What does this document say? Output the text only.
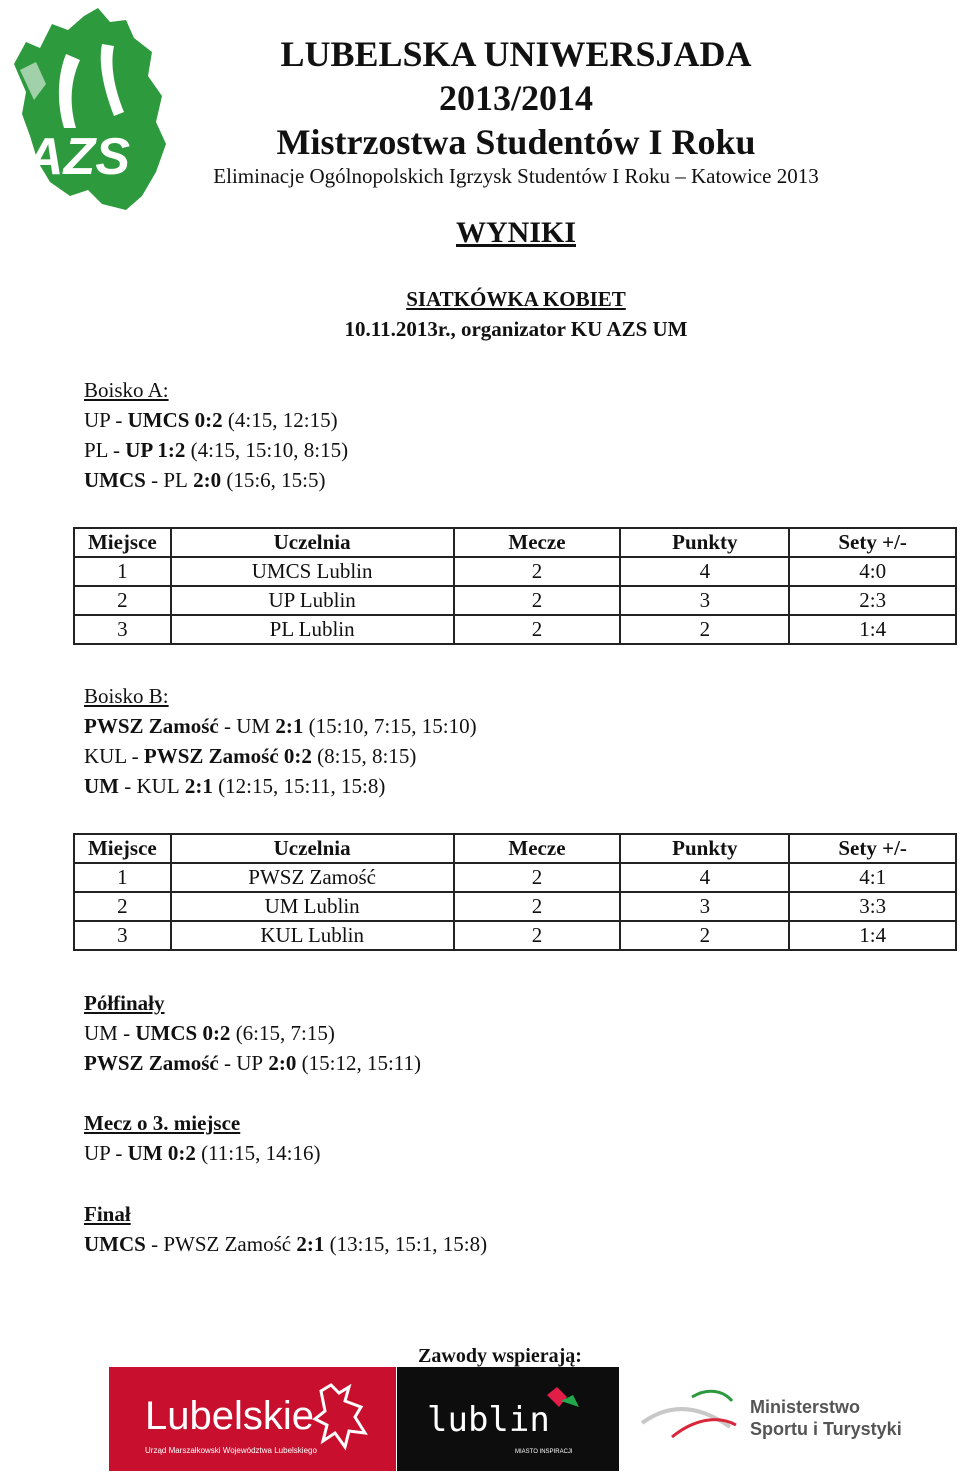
AZS
LUBELSKA UNIWERSJADA
2013/2014
Mistrzostwa Studentów I Roku
Eliminacje Ogólnopolskich Igrzysk Studentów I Roku – Katowice 2013
WYNIKI
SIATKÓWKA KOBIET
10.11.2013r., organizator KU AZS UM
Boisko A:
UP - UMCS 0:2 (4:15, 12:15)
PL - UP 1:2 (4:15, 15:10, 8:15)
UMCS - PL 2:0 (15:6, 15:5)
Miejsce	Uczelnia	Mecze	Punkty	Sety +/-
1	UMCS Lublin	2	4	4:0
2	UP Lublin	2	3	2:3
3	PL Lublin	2	2	1:4
Boisko B:
PWSZ Zamość - UM 2:1 (15:10, 7:15, 15:10)
KUL - PWSZ Zamość 0:2 (8:15, 8:15)
UM - KUL 2:1 (12:15, 15:11, 15:8)
Miejsce	Uczelnia	Mecze	Punkty	Sety +/-
1	PWSZ Zamość	2	4	4:1
2	UM Lublin	2	3	3:3
3	KUL Lublin	2	2	1:4
Półfinały
UM - UMCS 0:2 (6:15, 7:15)
PWSZ Zamość - UP 2:0 (15:12, 15:11)
Mecz o 3. miejsce
UP - UM 0:2 (11:15, 14:16)
Finał
UMCS - PWSZ Zamość 2:1 (13:15, 15:1, 15:8)
Zawody wspierają:
Lubelskie
Urząd Marszałkowski Województwa Lubelskiego
lublin
MIASTO INSPIRACJI
Ministerstwo
Sportu i Turystyki
